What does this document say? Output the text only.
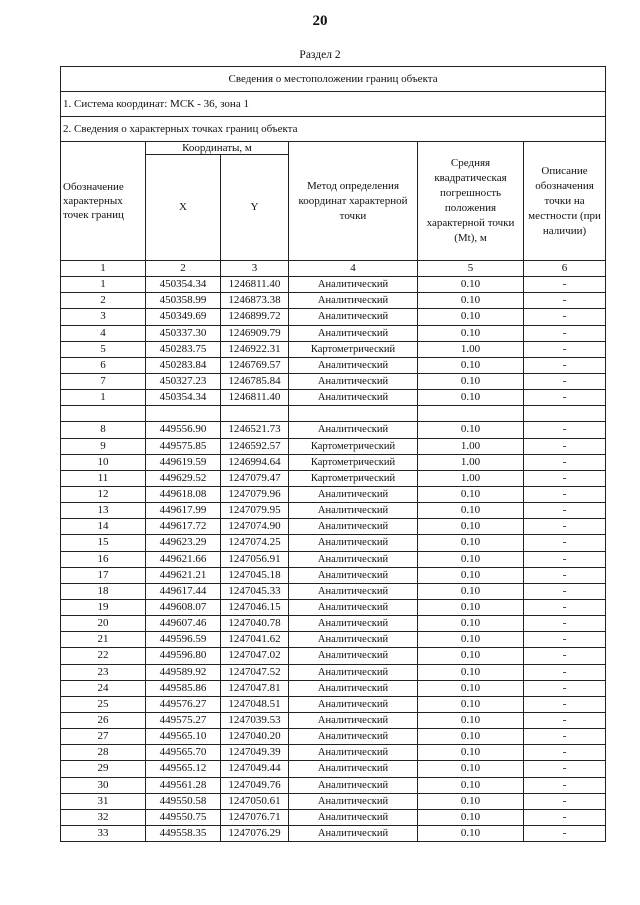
20
Раздел 2
Сведения о местоположении границ объекта					
1. Система координат: МСК - 36, зона 1					
2. Сведения о характерных точках границ объекта					
Обозначение характерных точек границ	Координаты, м		Метод определения координат характерной точки	Средняя квадратическая погрешность положения характерной точки (Mt), м	Описание обозначения точки на местности (при наличии)
	X	Y			
1	2	3	4	5	6
1	450354.34	1246811.40	Аналитический	0.10	-
2	450358.99	1246873.38	Аналитический	0.10	-
3	450349.69	1246899.72	Аналитический	0.10	-
4	450337.30	1246909.79	Аналитический	0.10	-
5	450283.75	1246922.31	Картометрический	1.00	-
6	450283.84	1246769.57	Аналитический	0.10	-
7	450327.23	1246785.84	Аналитический	0.10	-
1	450354.34	1246811.40	Аналитический	0.10	-

8	449556.90	1246521.73	Аналитический	0.10	-
9	449575.85	1246592.57	Картометрический	1.00	-
10	449619.59	1246994.64	Картометрический	1.00	-
11	449629.52	1247079.47	Картометрический	1.00	-
12	449618.08	1247079.96	Аналитический	0.10	-
13	449617.99	1247079.95	Аналитический	0.10	-
14	449617.72	1247074.90	Аналитический	0.10	-
15	449623.29	1247074.25	Аналитический	0.10	-
16	449621.66	1247056.91	Аналитический	0.10	-
17	449621.21	1247045.18	Аналитический	0.10	-
18	449617.44	1247045.33	Аналитический	0.10	-
19	449608.07	1247046.15	Аналитический	0.10	-
20	449607.46	1247040.78	Аналитический	0.10	-
21	449596.59	1247041.62	Аналитический	0.10	-
22	449596.80	1247047.02	Аналитический	0.10	-
23	449589.92	1247047.52	Аналитический	0.10	-
24	449585.86	1247047.81	Аналитический	0.10	-
25	449576.27	1247048.51	Аналитический	0.10	-
26	449575.27	1247039.53	Аналитический	0.10	-
27	449565.10	1247040.20	Аналитический	0.10	-
28	449565.70	1247049.39	Аналитический	0.10	-
29	449565.12	1247049.44	Аналитический	0.10	-
30	449561.28	1247049.76	Аналитический	0.10	-
31	449550.58	1247050.61	Аналитический	0.10	-
32	449550.75	1247076.71	Аналитический	0.10	-
33	449558.35	1247076.29	Аналитический	0.10	-
